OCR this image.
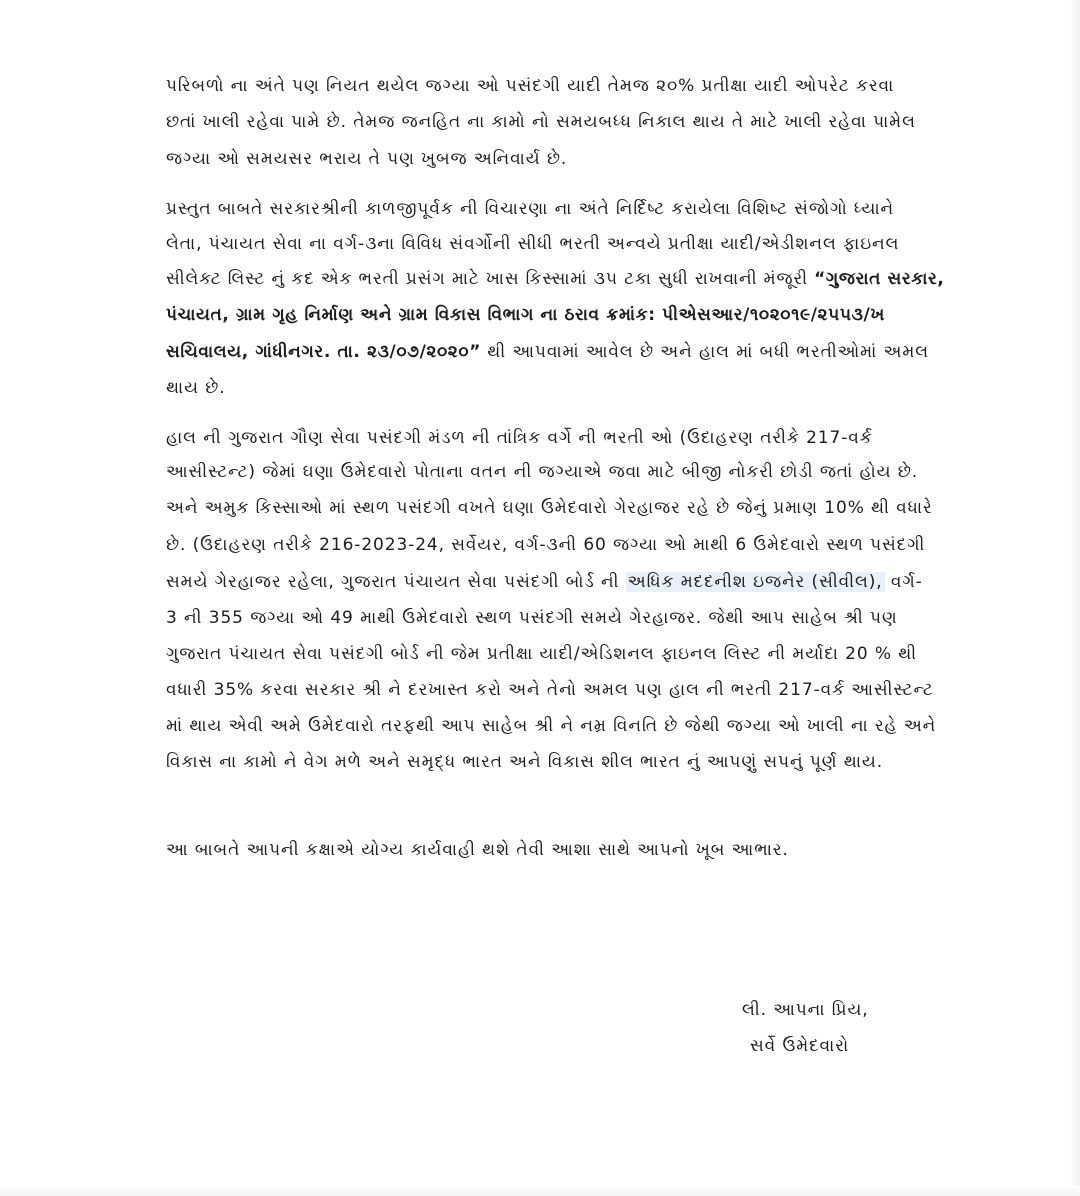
પરિબળો ના અંતે પણ નિયત થયેલ જગ્યા ઓ પસંદગી યાદી તેમજ ૨૦% પ્રતીક્ષા યાદી ઓપરેટ કરવા
છતાં ખાલી રહેવા પામે છે. તેમજ જનહિત ના કામો નો સમયબધ્ધ નિકાલ થાય તે માટે ખાલી રહેવા પામેલ
જગ્યા ઓ સમયસર ભરાય તે પણ ખુબજ અનિવાર્ય છે.
પ્રસ્તુત બાબતે સરકારશ્રીની કાળજીપૂર્વક ની વિચારણા ના અંતે નિર્દિષ્ટ કરાયેલા વિશિષ્ટ સંજોગો ધ્યાને
લેતા, પંચાયત સેવા ના વર્ગ-૩ના વિવિધ સંવર્ગોની સીધી ભરતી અન્વયે પ્રતીક્ષા યાદી/એડીશનલ ફાઇનલ
સીલેક્ટ લિસ્ટ નું કદ એક ભરતી પ્રસંગ માટે ખાસ કિસ્સામાં ૩૫ ટકા સુધી રાખવાની મંજૂરી “ગુજરાત સરકાર,
પંચાયત, ગ્રામ ગૃહ નિર્માણ અને ગ્રામ વિકાસ વિભાગ ના ઠરાવ ક્રમાંક: પીએસઆર/૧૦૨૦૧૯/૨૫૫૩/ખ
સચિવાલય, ગાંધીનગર. તા. ૨૩/૦૭/૨૦૨૦” થી આપવામાં આવેલ છે અને હાલ માં બધી ભરતીઓમાં અમલ
થાય છે.
હાલ ની ગુજરાત ગૌણ સેવા પસંદગી મંડળ ની તાંત્રિક વર્ગે ની ભરતી ઓ (ઉદાહરણ તરીકે 217-વર્ક
આસીસ્ટન્ટ) જેમાં ઘણા ઉમેદવારો પોતાના વતન ની જગ્યાએ જવા માટે બીજી નોકરી છોડી જતાં હોય છે.
અને અમુક કિસ્સાઓ માં સ્થળ પસંદગી વખતે ઘણા ઉમેદવારો ગેરહાજર રહે છે જેનું પ્રમાણ 10% થી વધારે
છે. (ઉદાહરણ તરીકે 216-2023-24, સર્વેયર, વર્ગ-૩ની 60 જગ્યા ઓ માથી 6 ઉમેદવારો સ્થળ પસંદગી
સમયે ગેરહાજર રહેલા, ગુજરાત પંચાયત સેવા પસંદગી બોર્ડ ની અધિક મદદનીશ ઇજનેર (સીવીલ), વર્ગ-
3 ની 355 જગ્યા ઓ 49 માથી ઉમેદવારો સ્થળ પસંદગી સમયે ગેરહાજર. જેથી આપ સાહેબ શ્રી પણ
ગુજરાત પંચાયત સેવા પસંદગી બોર્ડ ની જેમ પ્રતીક્ષા યાદી/એડિશનલ ફાઇનલ લિસ્ટ ની મર્યાદા 20 % થી
વધારી 35% કરવા સરકાર શ્રી ને દરખાસ્ત કરો અને તેનો અમલ પણ હાલ ની ભરતી 217-વર્ક આસીસ્ટન્ટ
માં થાય એવી અમે ઉમેદવારો તરફથી આપ સાહેબ શ્રી ને નમ્ર વિનતિ છે જેથી જગ્યા ઓ ખાલી ના રહે અને
વિકાસ ના કામો ને વેગ મળે અને સમૃદ્ધ ભારત અને વિકાસ શીલ ભારત નું આપણું સપનું પૂર્ણ થાય.
આ બાબતે આપની કક્ષાએ યોગ્ય કાર્યવાહી થશે તેવી આશા સાથે આપનો ખૂબ આભાર.
લી. આપના પ્રિય,
સર્વે ઉમેદવારો
